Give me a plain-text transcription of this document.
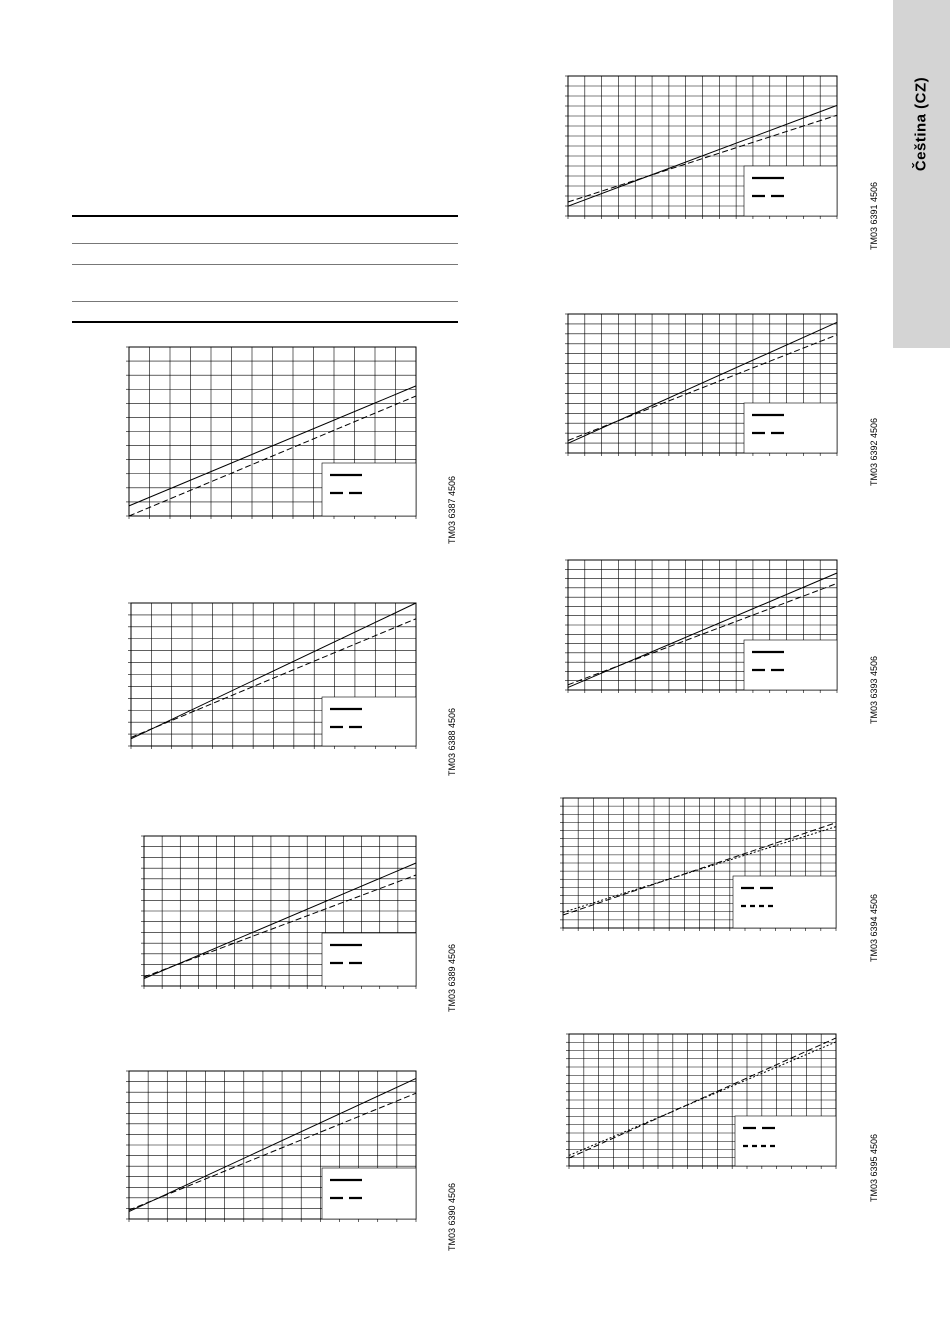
Čeština (CZ)
TM03 6387 4506
TM03 6388 4506
TM03 6389 4506
TM03 6390 4506
TM03 6391 4506
TM03 6392 4506
TM03 6393 4506
TM03 6394 4506
TM03 6395 4506
